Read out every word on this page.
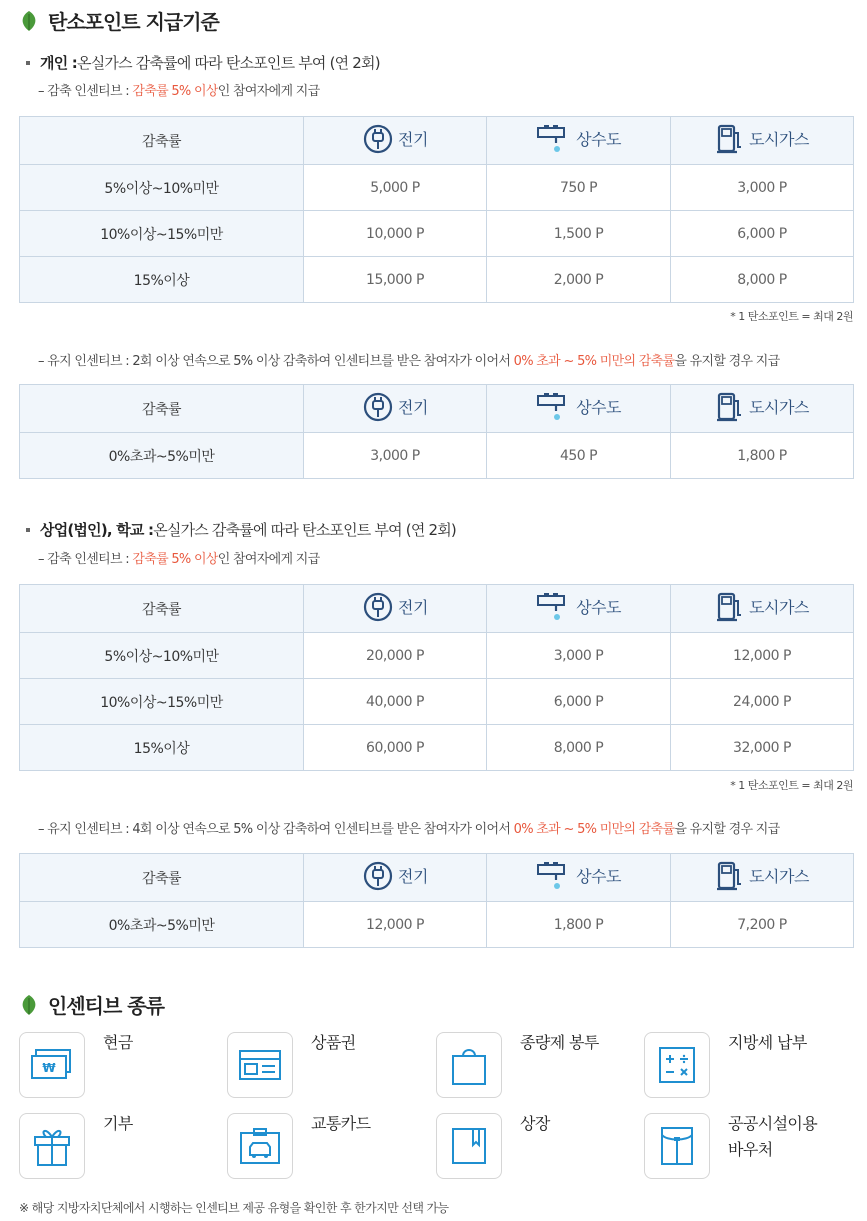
탄소포인트 지급기준
개인 : 온실가스 감축률에 따라 탄소포인트 부여 (연 2회)
– 감축 인센티브 : 감축률 5% 이상인 참여자에게 지급
감축률	전기	상수도	도시가스

5%이상~10%미만	5,000 P	750 P	3,000 P
10%이상~15%미만	10,000 P	1,500 P	6,000 P
15%이상	15,000 P	2,000 P	8,000 P
* 1 탄소포인트 = 최대 2원
– 유지 인센티브 : 2회 이상 연속으로 5% 이상 감축하여 인센티브를 받은 참여자가 이어서 0% 초과 ~ 5% 미만의 감축률을 유지할 경우 지급
감축률	전기	상수도	도시가스

0%초과~5%미만	3,000 P	450 P	1,800 P
상업(법인), 학교 : 온실가스 감축률에 따라 탄소포인트 부여 (연 2회)
– 감축 인센티브 : 감축률 5% 이상인 참여자에게 지급
감축률	전기	상수도	도시가스

5%이상~10%미만	20,000 P	3,000 P	12,000 P
10%이상~15%미만	40,000 P	6,000 P	24,000 P
15%이상	60,000 P	8,000 P	32,000 P
* 1 탄소포인트 = 최대 2원
– 유지 인센티브 : 4회 이상 연속으로 5% 이상 감축하여 인센티브를 받은 참여자가 이어서 0% 초과 ~ 5% 미만의 감축률을 유지할 경우 지급
감축률	전기	상수도	도시가스

0%초과~5%미만	12,000 P	1,800 P	7,200 P
인센티브 종류
₩
현금	상품권	종량제 봉투	지방세 납부
기부	교통카드	상장	공공시설이용
바우처
※ 해당 지방자치단체에서 시행하는 인센티브 제공 유형을 확인한 후 한가지만 선택 가능
